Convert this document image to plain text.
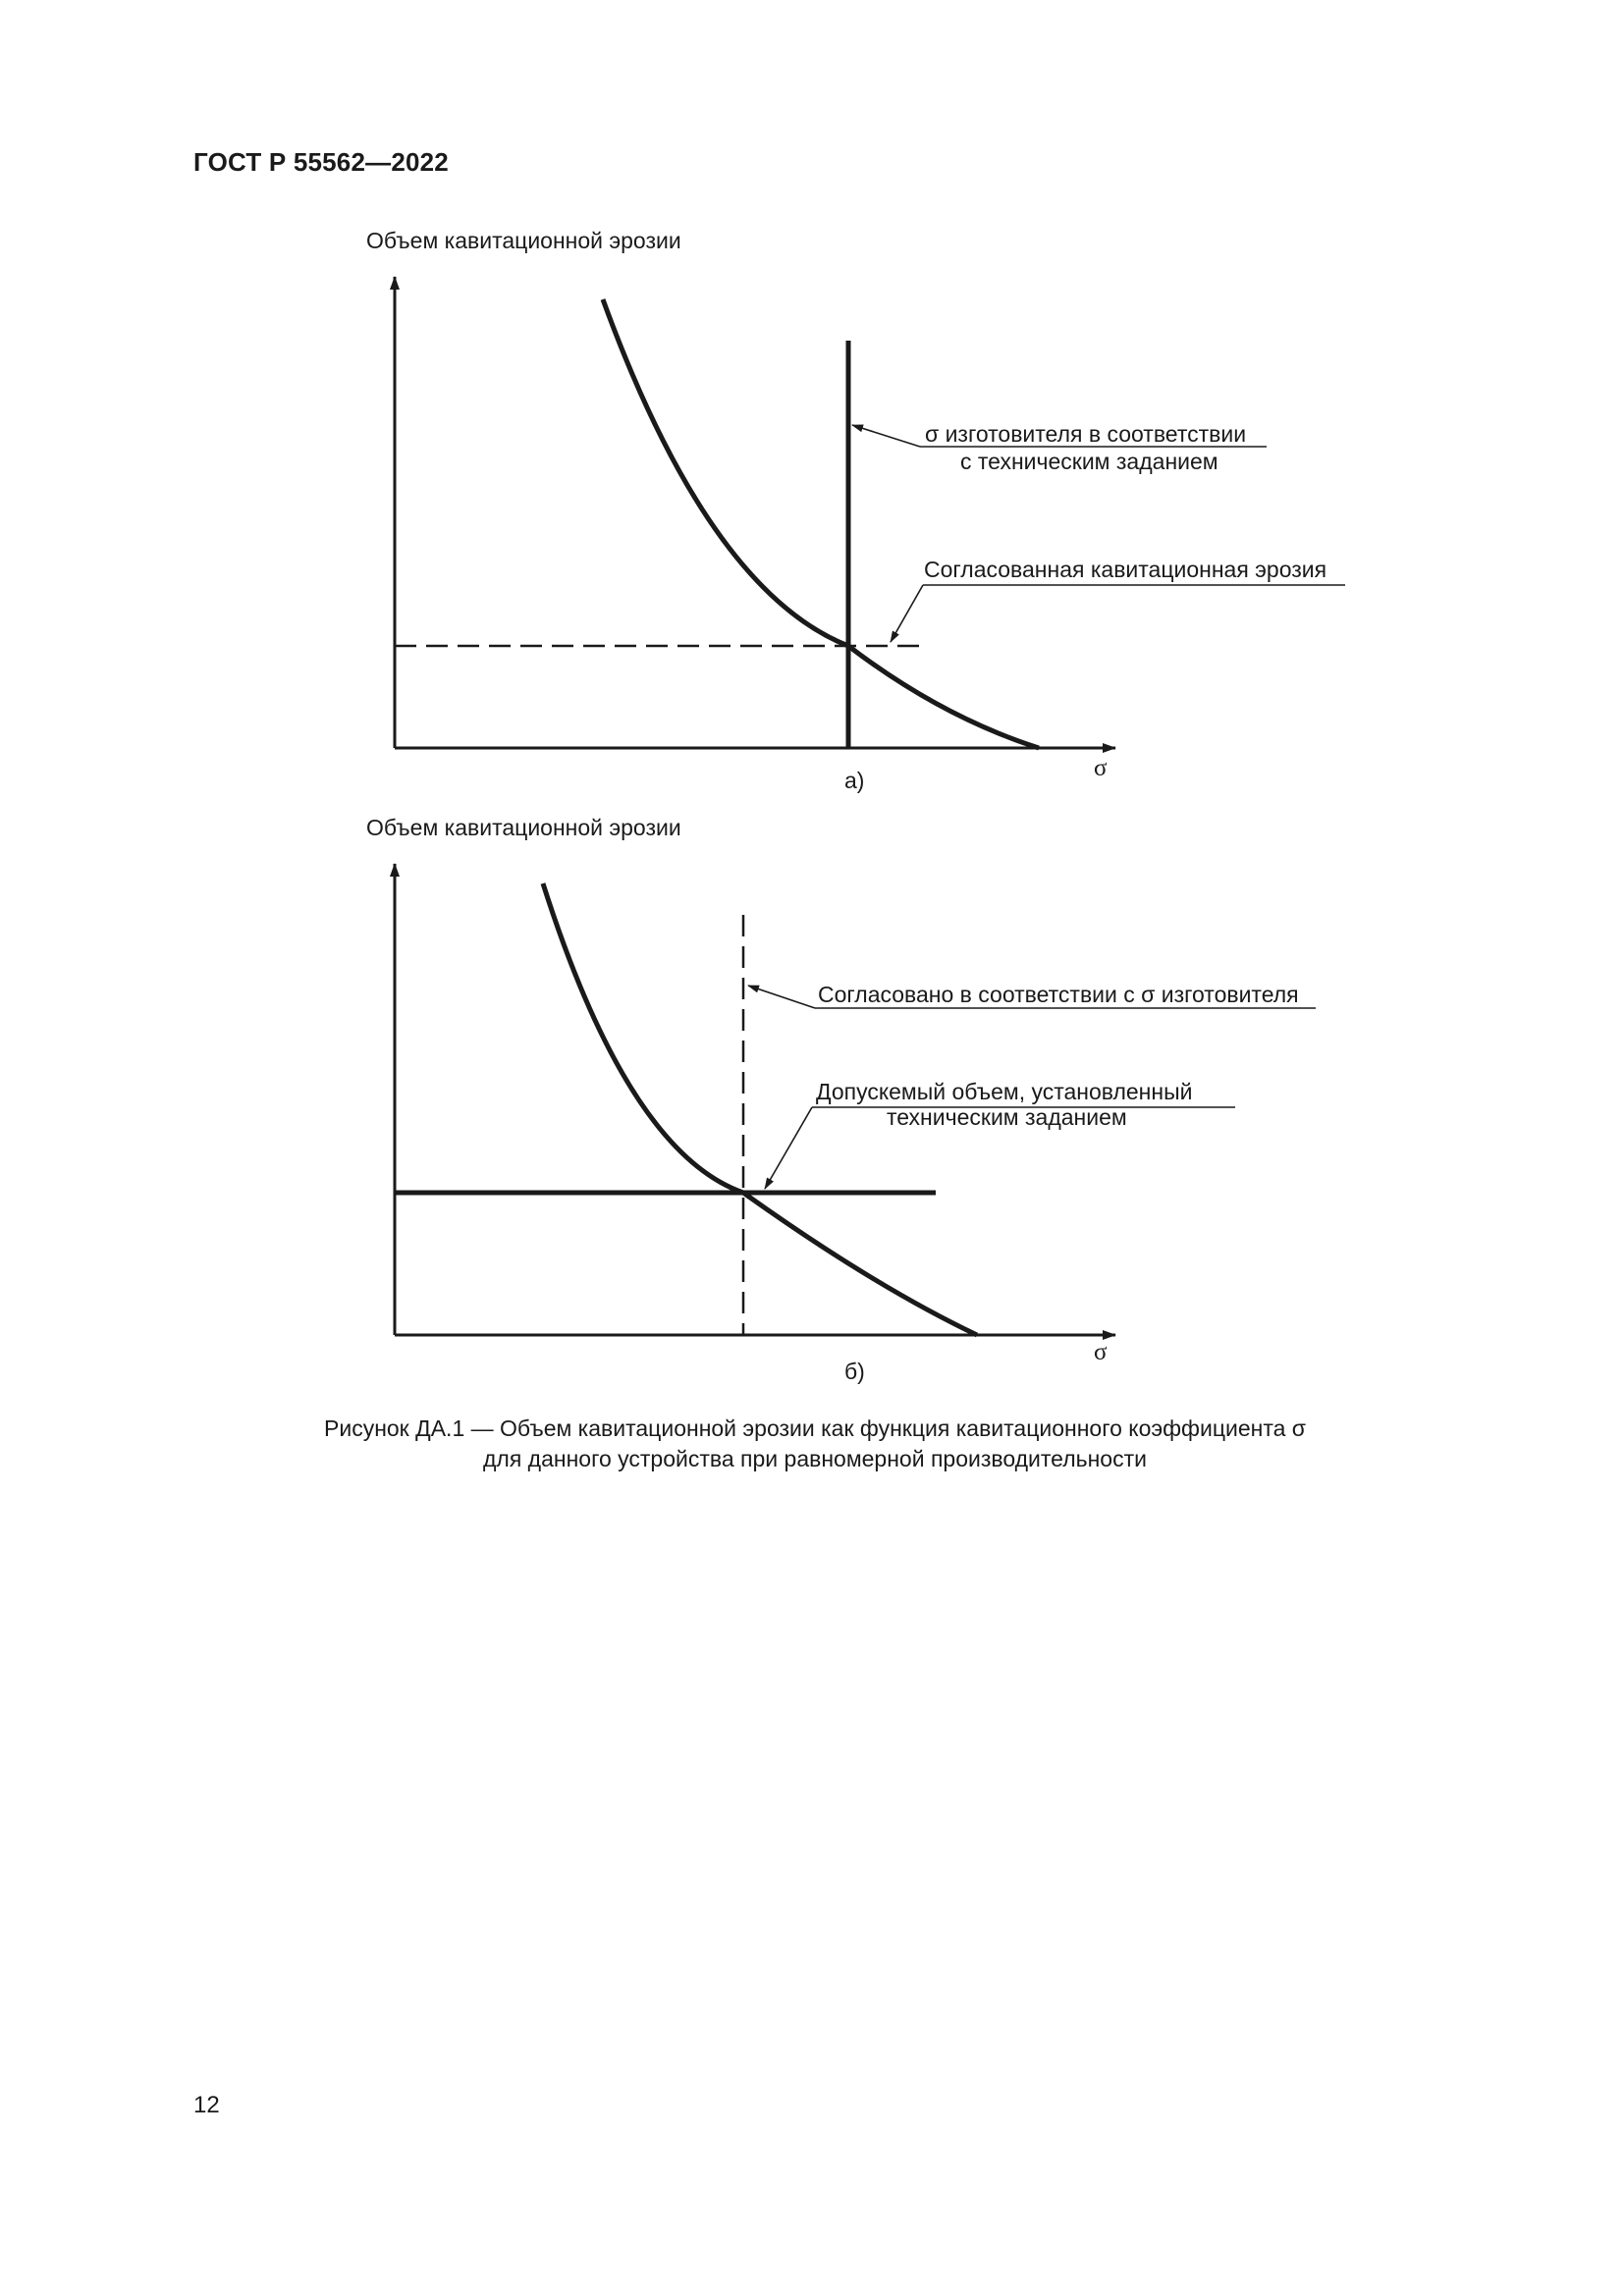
ГОСТ Р 55562—2022
Объем кавитационной эрозии
σ
σ изготовителя в соответствии
с техническим заданием
Согласованная кавитационная эрозия
а)
Объем кавитационной эрозии
σ
Согласовано в соответствии с σ изготовителя
Допускемый объем, установленный
техническим заданием
б)
Рисунок ДА.1 — Объем кавитационной эрозии как функция кавитационного коэффициента σ
для данного устройства при равномерной производительности
12
